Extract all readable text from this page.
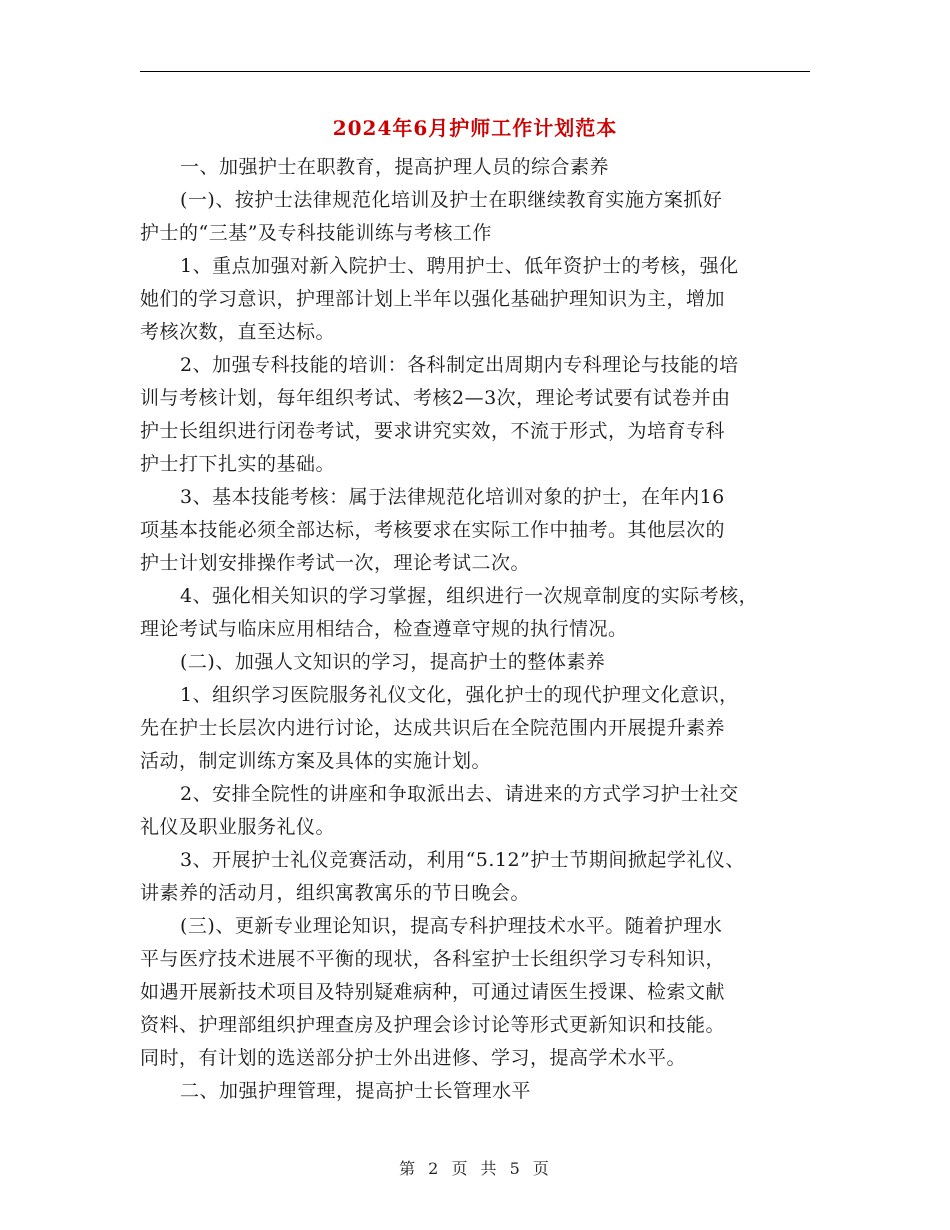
2024年6月护师工作计划范本
一、加强护士在职教育，提高护理人员的综合素养
(一)、按护士法律规范化培训及护士在职继续教育实施方案抓好
护士的“三基”及专科技能训练与考核工作
1、重点加强对新入院护士、聘用护士、低年资护士的考核，强化
她们的学习意识，护理部计划上半年以强化基础护理知识为主，增加
考核次数，直至达标。
2、加强专科技能的培训：各科制定出周期内专科理论与技能的培
训与考核计划，每年组织考试、考核2—3次，理论考试要有试卷并由
护士长组织进行闭卷考试，要求讲究实效，不流于形式，为培育专科
护士打下扎实的基础。
3、基本技能考核：属于法律规范化培训对象的护士，在年内16
项基本技能必须全部达标，考核要求在实际工作中抽考。其他层次的
护士计划安排操作考试一次，理论考试二次。
4、强化相关知识的学习掌握，组织进行一次规章制度的实际考核，
理论考试与临床应用相结合，检查遵章守规的执行情况。
(二)、加强人文知识的学习，提高护士的整体素养
1、组织学习医院服务礼仪文化，强化护士的现代护理文化意识，
先在护士长层次内进行讨论，达成共识后在全院范围内开展提升素养
活动，制定训练方案及具体的实施计划。
2、安排全院性的讲座和争取派出去、请进来的方式学习护士社交
礼仪及职业服务礼仪。
3、开展护士礼仪竞赛活动，利用“5.12”护士节期间掀起学礼仪、
讲素养的活动月，组织寓教寓乐的节日晚会。
(三)、更新专业理论知识，提高专科护理技术水平。随着护理水
平与医疗技术进展不平衡的现状，各科室护士长组织学习专科知识，
如遇开展新技术项目及特别疑难病种，可通过请医生授课、检索文献
资料、护理部组织护理查房及护理会诊讨论等形式更新知识和技能。
同时，有计划的选送部分护士外出进修、学习，提高学术水平。
二、加强护理管理，提高护士长管理水平
第 2 页 共 5 页
